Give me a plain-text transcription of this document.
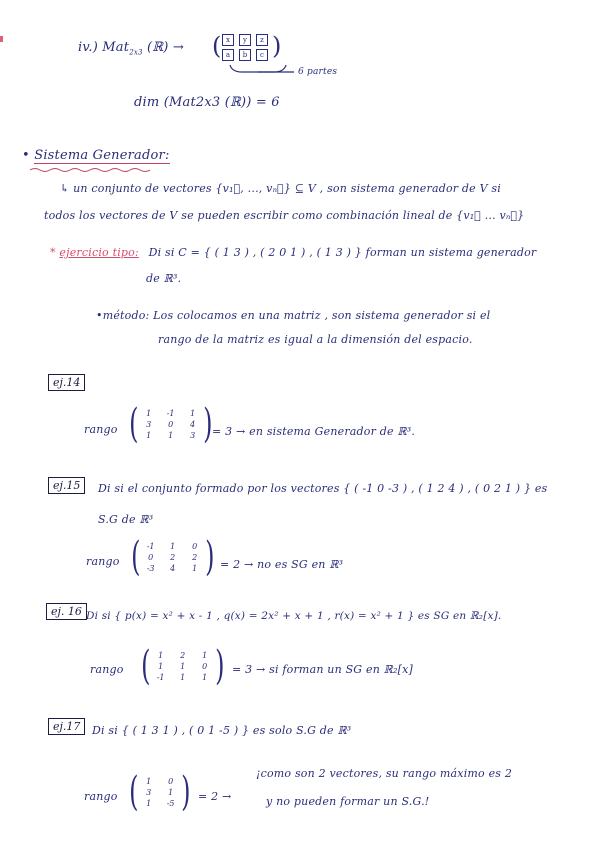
iv.) Mat$_{2x3}$ (ℝ) → ( x	y	z
a	b	c )
6 partes
dim (Mat2x3 (ℝ)) = 6
• Sistema Generador:
↳ un conjunto de vectores {v₁⃗, ..., vₙ⃗} ⊆ V , son sistema generador de V si
todos los vectores de V se pueden escribir como combinación lineal de {v₁⃗ ... vₙ⃗}
* ejercicio tipo: Di si C = { ( 1 3 ) , ( 2 0 1 ) , ( 1 3 ) } forman un sistema generador
de ℝ³.
•método: Los colocamos en una matriz , son sistema generador si el
rango de la matriz es igual a la dimensión del espacio.
ej.14
rango ( 1	-1	1
3	0	4
1	1	3 ) = 3 → en sistema Generador de ℝ³.
ej.15	Di si el conjunto formado por los vectores { ( -1 0 -3 ) , ( 1 2 4 ) , ( 0 2 1 ) } es
S.G de ℝ³
rango ( -1	1	0
0	2	2
-3	4	1 ) = 2 → no es SG en ℝ³
ej. 16 Di si { p(x) = x² + x - 1 , q(x) = 2x² + x + 1 , r(x) = x² + 1 } es SG en ℝ₂[x].
rango ( 1	2	1
1	1	0
-1	1	1 ) = 3 → si forman un SG en ℝ₂[x]
ej.17	Di si { ( 1 3 1 ) , ( 0 1 -5 ) } es solo S.G de ℝ³
rango ( 1	0
3	1
1	-5 ) = 2 →
¡como son 2 vectores, su rango máximo es 2
y no pueden formar un S.G.!
